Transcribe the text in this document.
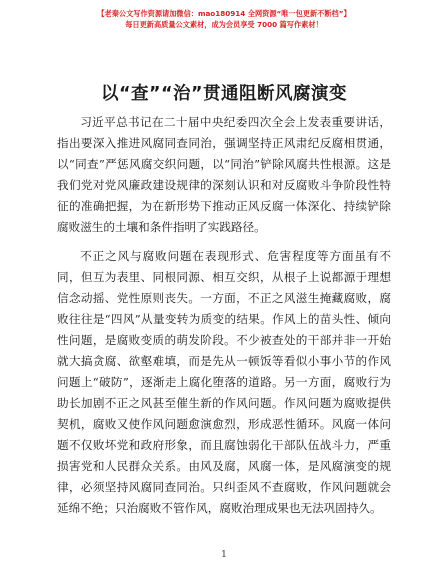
【老秦公文写作资源请加微信：mao180914 全网资源“唯一包更新不断档”】
每日更新高质量公文素材，成为会员享受 7000 篇写作素材！
以“查”“治”贯通阻断风腐演变

习近平总书记在二十届中央纪委四次全会上发表重要讲话，指出要深入推进风腐同查同治，强调坚持正风肃纪反腐相贯通，以“同查”严惩风腐交织问题，以“同治”铲除风腐共性根源。这是我们党对党风廉政建设规律的深刻认识和对反腐败斗争阶段性特征的准确把握，为在新形势下推动正风反腐一体深化、持续铲除腐败滋生的土壤和条件指明了实践路径。

不正之风与腐败问题在表现形式、危害程度等方面虽有不同，但互为表里、同根同源、相互交织，从根子上说都源于理想信念动摇、党性原则丧失。一方面，不正之风滋生掩藏腐败，腐败往往是“四风”从量变转为质变的结果。作风上的苗头性、倾向性问题，是腐败变质的萌发阶段。不少被查处的干部并非一开始就大搞贪腐、欲壑难填，而是先从一顿饭等看似小事小节的作风问题上“破防”，逐渐走上腐化堕落的道路。另一方面，腐败行为助长加剧不正之风甚至催生新的作风问题。作风问题为腐败提供契机，腐败又使作风问题愈演愈烈，形成恶性循环。风腐一体问题不仅败坏党和政府形象，而且腐蚀弱化干部队伍战斗力，严重损害党和人民群众关系。由风及腐，风腐一体，是风腐演变的规律，必须坚持风腐同查同治。只纠歪风不查腐败，作风问题就会延绵不绝；只治腐败不管作风，腐败治理成果也无法巩固持久。

1
